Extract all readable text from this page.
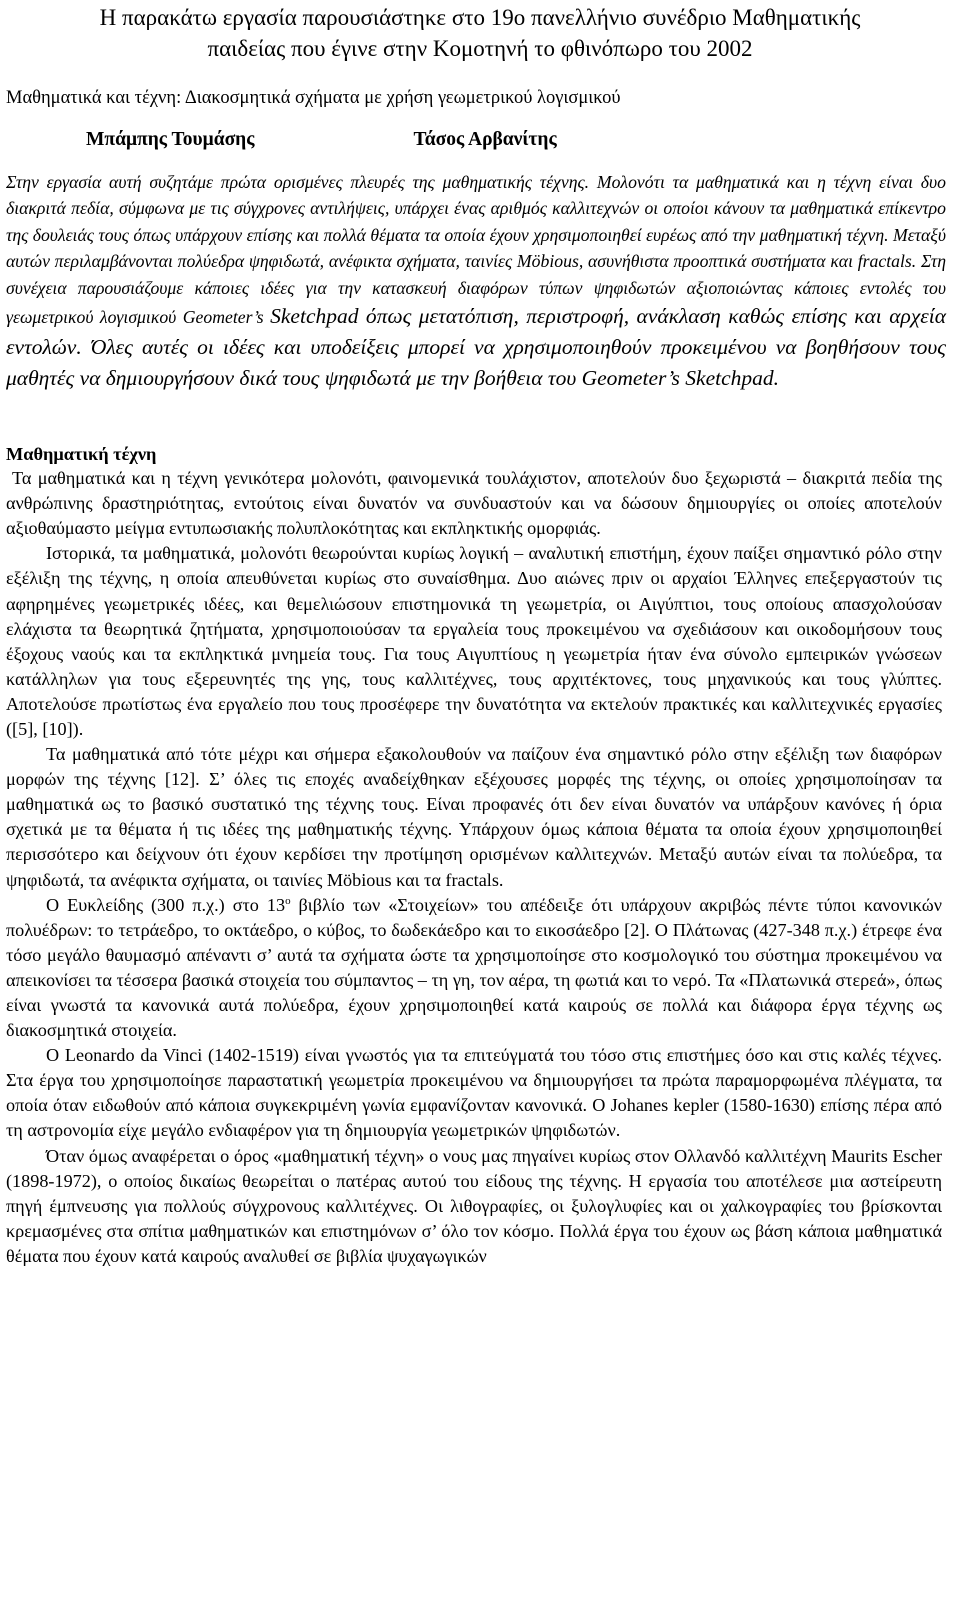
Η παρακάτω εργασία παρουσιάστηκε στο 19ο πανελλήνιο συνέδριο Μαθηματικής
παιδείας που έγινε στην Κομοτηνή το φθινόπωρο του 2002
Μαθηματικά και τέχνη: Διακοσμητικά σχήματα με χρήση γεωμετρικού λογισμικού
Μπάμπης Τουμάσης	Τάσος Αρβανίτης
Στην εργασία αυτή συζητάμε πρώτα ορισμένες πλευρές της μαθηματικής τέχνης. Μολονότι τα μαθηματικά και η τέχνη είναι δυο διακριτά πεδία, σύμφωνα με τις σύγχρονες αντιλήψεις, υπάρχει ένας αριθμός καλλιτεχνών οι οποίοι κάνουν τα μαθηματικά επίκεντρο της δουλειάς τους όπως υπάρχουν επίσης και πολλά θέματα τα οποία έχουν χρησιμοποιηθεί ευρέως από την μαθηματική τέχνη. Μεταξύ αυτών περιλαμβάνονται πολύεδρα ψηφιδωτά, ανέφικτα σχήματα, ταινίες Möbious, ασυνήθιστα προοπτικά συστήματα και fractals. Στη συνέχεια παρουσιάζουμε κάποιες ιδέες για την κατασκευή διαφόρων τύπων ψηφιδωτών αξιοποιώντας κάποιες εντολές του γεωμετρικού λογισμικού Geometer’s Sketchpad όπως μετατόπιση, περιστροφή, ανάκλαση καθώς επίσης και αρχεία εντολών. Όλες αυτές οι ιδέες και υποδείξεις μπορεί να χρησιμοποιηθούν προκειμένου να βοηθήσουν τους μαθητές να δημιουργήσουν δικά τους ψηφιδωτά με την βοήθεια του Geometer’s Sketchpad.
Μαθηματική τέχνη

Τα μαθηματικά και η τέχνη γενικότερα μολονότι, φαινομενικά τουλάχιστον, αποτελούν δυο ξεχωριστά – διακριτά πεδία της ανθρώπινης δραστηριότητας, εντούτοις είναι δυνατόν να συνδυαστούν και να δώσουν δημιουργίες οι οποίες αποτελούν αξιοθαύμαστο μείγμα εντυπωσιακής πολυπλοκότητας και εκπληκτικής ομορφιάς.

Ιστορικά, τα μαθηματικά, μολονότι θεωρούνται κυρίως λογική – αναλυτική επιστήμη, έχουν παίξει σημαντικό ρόλο στην εξέλιξη της τέχνης, η οποία απευθύνεται κυρίως στο συναίσθημα. Δυο αιώνες πριν οι αρχαίοι Έλληνες επεξεργαστούν τις αφηρημένες γεωμετρικές ιδέες, και θεμελιώσουν επιστημονικά τη γεωμετρία, οι Αιγύπτιοι, τους οποίους απασχολούσαν ελάχιστα τα θεωρητικά ζητήματα, χρησιμοποιούσαν τα εργαλεία τους προκειμένου να σχεδιάσουν και οικοδομήσουν τους έξοχους ναούς και τα εκπληκτικά μνημεία τους. Για τους Αιγυπτίους η γεωμετρία ήταν ένα σύνολο εμπειρικών γνώσεων κατάλληλων για τους εξερευνητές της γης, τους καλλιτέχνες, τους αρχιτέκτονες, τους μηχανικούς και τους γλύπτες. Αποτελούσε πρωτίστως ένα εργαλείο που τους προσέφερε την δυνατότητα να εκτελούν πρακτικές και καλλιτεχνικές εργασίες ([5], [10]).

Τα μαθηματικά από τότε μέχρι και σήμερα εξακολουθούν να παίζουν ένα σημαντικό ρόλο στην εξέλιξη των διαφόρων μορφών της τέχνης [12]. Σ’ όλες τις εποχές αναδείχθηκαν εξέχουσες μορφές της τέχνης, οι οποίες χρησιμοποίησαν τα μαθηματικά ως το βασικό συστατικό της τέχνης τους. Είναι προφανές ότι δεν είναι δυνατόν να υπάρξουν κανόνες ή όρια σχετικά με τα θέματα ή τις ιδέες της μαθηματικής τέχνης. Υπάρχουν όμως κάποια θέματα τα οποία έχουν χρησιμοποιηθεί περισσότερο και δείχνουν ότι έχουν κερδίσει την προτίμηση ορισμένων καλλιτεχνών. Μεταξύ αυτών είναι τα πολύεδρα, τα ψηφιδωτά, τα ανέφικτα σχήματα, οι ταινίες Möbious και τα fractals.

Ο Ευκλείδης (300 π.χ.) στο $13^o$ βιβλίο των «Στοιχείων» του απέδειξε ότι υπάρχουν ακριβώς πέντε τύποι κανονικών πολυέδρων: το τετράεδρο, το οκτάεδρο, ο κύβος, το δωδεκάεδρο και το εικοσάεδρο [2]. Ο Πλάτωνας (427-348 π.χ.) έτρεφε ένα τόσο μεγάλο θαυμασμό απέναντι σ’ αυτά τα σχήματα ώστε τα χρησιμοποίησε στο κοσμολογικό του σύστημα προκειμένου να απεικονίσει τα τέσσερα βασικά στοιχεία του σύμπαντος – τη γη, τον αέρα, τη φωτιά και το νερό. Τα «Πλατωνικά στερεά», όπως είναι γνωστά τα κανονικά αυτά πολύεδρα, έχουν χρησιμοποιηθεί κατά καιρούς σε πολλά και διάφορα έργα τέχνης ως διακοσμητικά στοιχεία.

Ο Leonardo da Vinci (1402-1519) είναι γνωστός για τα επιτεύγματά του τόσο στις επιστήμες όσο και στις καλές τέχνες. Στα έργα του χρησιμοποίησε παραστατική γεωμετρία προκειμένου να δημιουργήσει τα πρώτα παραμορφωμένα πλέγματα, τα οποία όταν ειδωθούν από κάποια συγκεκριμένη γωνία εμφανίζονταν κανονικά. Ο Johanes kepler (1580-1630) επίσης πέρα από τη αστρονομία είχε μεγάλο ενδιαφέρον για τη δημιουργία γεωμετρικών ψηφιδωτών.

Όταν όμως αναφέρεται ο όρος «μαθηματική τέχνη» ο νους μας πηγαίνει κυρίως στον Ολλανδό καλλιτέχνη Maurits Escher (1898-1972), ο οποίος δικαίως θεωρείται ο πατέρας αυτού του είδους της τέχνης. Η εργασία του αποτέλεσε μια αστείρευτη πηγή έμπνευσης για πολλούς σύγχρονους καλλιτέχνες. Οι λιθογραφίες, οι ξυλογλυφίες και οι χαλκογραφίες του βρίσκονται κρεμασμένες στα σπίτια μαθηματικών και επιστημόνων σ’ όλο τον κόσμο. Πολλά έργα του έχουν ως βάση κάποια μαθηματικά θέματα που έχουν κατά καιρούς αναλυθεί σε βιβλία ψυχαγωγικών
